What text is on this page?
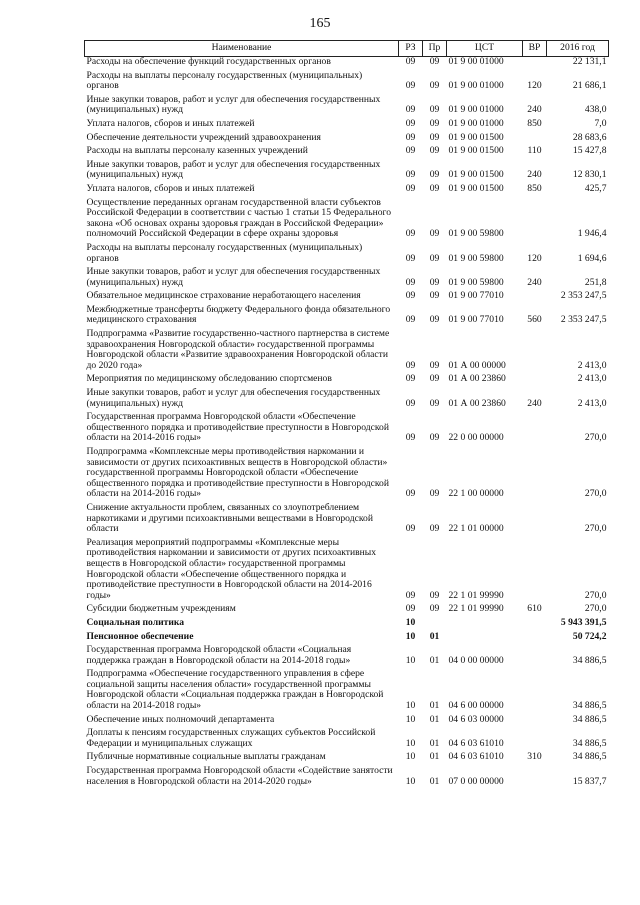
165
Наименование	РЗ	Пр	ЦСТ	ВР	2016 год
Расходы на обеспечение функций государственных органов	09	09	01 9 00 01000		22 131,1
Расходы на выплаты персоналу государственных (муниципальных) органов	09	09	01 9 00 01000	120	21 686,1
Иные закупки товаров, работ и услуг для обеспечения государственных (муниципальных) нужд	09	09	01 9 00 01000	240	438,0
Уплата налогов, сборов и иных платежей	09	09	01 9 00 01000	850	7,0
Обеспечение деятельности учреждений здравоохранения	09	09	01 9 00 01500		28 683,6
Расходы на выплаты персоналу казенных учреждений	09	09	01 9 00 01500	110	15 427,8
Иные закупки товаров, работ и услуг для обеспечения государственных (муниципальных) нужд	09	09	01 9 00 01500	240	12 830,1
Уплата налогов, сборов и иных платежей	09	09	01 9 00 01500	850	425,7
Осуществление переданных органам государственной власти субъектов Российской Федерации в соответствии с частью 1 статьи 15 Федерального закона «Об основах охраны здоровья граждан в Российской Федерации» полномочий Российской Федерации в сфере охраны здоровья	09	09	01 9 00 59800		1 946,4
Расходы на выплаты персоналу государственных (муниципальных) органов	09	09	01 9 00 59800	120	1 694,6
Иные закупки товаров, работ и услуг для обеспечения государственных (муниципальных) нужд	09	09	01 9 00 59800	240	251,8
Обязательное медицинское страхование неработающего населения	09	09	01 9 00 77010		2 353 247,5
Межбюджетные трансферты бюджету Федерального фонда обязательного медицинского страхования	09	09	01 9 00 77010	560	2 353 247,5
Подпрограмма «Развитие государственно-частного партнерства в системе здравоохранения Новгородской области» государственной программы Новгородской области «Развитие здравоохранения Новгородской области до 2020 года»	09	09	01 А 00 00000		2 413,0
Мероприятия по медицинскому обследованию спортсменов	09	09	01 А 00 23860		2 413,0
Иные закупки товаров, работ и услуг для обеспечения государственных (муниципальных) нужд	09	09	01 А 00 23860	240	2 413,0
Государственная программа Новгородской области «Обеспечение общественного порядка и противодействие преступности в Новгородской области на 2014-2016 годы»	09	09	22 0 00 00000		270,0
Подпрограмма «Комплексные меры противодействия наркомании и зависимости от других психоактивных веществ в Новгородской области» государственной программы Новгородской области «Обеспечение общественного порядка и противодействие преступности в Новгородской области на 2014-2016 годы»	09	09	22 1 00 00000		270,0
Снижение актуальности проблем, связанных со злоупотреблением наркотиками и другими психоактивными веществами в Новгородской области	09	09	22 1 01 00000		270,0
Реализация мероприятий подпрограммы «Комплексные меры противодействия наркомании и зависимости от других психоактивных веществ в Новгородской области» государственной программы Новгородской области «Обеспечение общественного порядка и противодействие преступности в Новгородской области на 2014-2016 годы»	09	09	22 1 01 99990		270,0
Субсидии бюджетным учреждениям	09	09	22 1 01 99990	610	270,0
Социальная политика	10				5 943 391,5
Пенсионное обеспечение	10	01			50 724,2
Государственная программа Новгородской области «Социальная поддержка граждан в Новгородской области на 2014-2018 годы»	10	01	04 0 00 00000		34 886,5
Подпрограмма «Обеспечение государственного управления в сфере социальной защиты населения области» государственной программы Новгородской области «Социальная поддержка граждан в Новгородской области на 2014-2018 годы»	10	01	04 6 00 00000		34 886,5
Обеспечение иных полномочий департамента	10	01	04 6 03 00000		34 886,5
Доплаты к пенсиям государственных служащих субъектов Российской Федерации и муниципальных служащих	10	01	04 6 03 61010		34 886,5
Публичные нормативные социальные выплаты гражданам	10	01	04 6 03 61010	310	34 886,5
Государственная программа Новгородской области «Содействие занятости населения в Новгородской области на 2014-2020 годы»	10	01	07 0 00 00000		15 837,7
